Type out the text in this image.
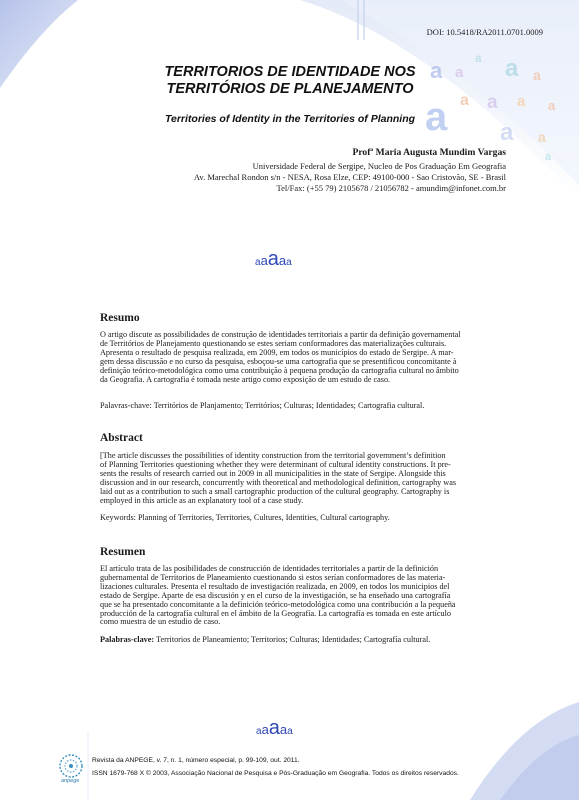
a a a a
a a a a
a a a
a
a
DOI: 10.5418/RA2011.0701.0009
TERRITORIOS DE IDENTIDADE NOS
TERRITÓRIOS DE PLANEJAMENTO
Territories of Identity in the Territories of Planning
Profª Maria Augusta Mundim Vargas
Universidade Federal de Sergipe, Nucleo de Pos Graduação Em Geografia
Av. Marechal Rondon s/n - NESA, Rosa Elze, CEP: 49100-000 - Sao Cristovão, SE - Brasil
Tel/Fax: (+55 79) 2105678 / 21056782 - amundim@infonet.com.br
a a a a a
Resumo
O artigo discute as possibilidades de construção de identidades territoriais a partir da definição governamental
de Territórios de Planejamento questionando se estes seriam conformadores das materializações culturais.
Apresenta o resultado de pesquisa realizada, em 2009, em todos os municípios do estado de Sergipe. A mar-
gem dessa discussão e no curso da pesquisa, esboçou-se uma cartografia que se presentificou concomitante à
definição teórico-metodológica como uma contribuição à pequena produção da cartografia cultural no âmbito
da Geografia. A cartografia é tomada neste artigo como exposição de um estudo de caso.

Palavras-chave: Territórios de Planjamento; Territórios; Culturas; Identidades; Cartografia cultural.

Abstract
[The article discusses the possibilities of identity construction from the territorial government’s definition
of Planning Territories questioning whether they were determinant of cultural identity constructions. It pre-
sents the results of research carried out in 2009 in all municipalities in the state of Sergipe. Alongside this
discussion and in our research, concurrently with theoretical and methodological definition, cartography was
laid out as a contribution to such a small cartographic production of the cultural geography. Cartography is
employed in this article as an explanatory tool of a case study.

Keywords: Planning of Territories, Territories, Cultures, Identities, Cultural cartography.

Resumen
El artículo trata de las posibilidades de construcción de identidades territoriales a partir de la definición
gubernamental de Territorios de Planeamiento cuestionando si estos serían conformadores de las materia-
lizaciones culturales. Presenta el resultado de investigación realizada, en 2009, en todos los municipios del
estado de Sergipe. Aparte de esa discusión y en el curso de la investigación, se ha enseñado una cartografía
que se ha presentado concomitante a la definición teórico-metodológica como una contribución a la pequeña
producción de la cartografía cultural en el ámbito de la Geografía. La cartografía es tomada en este artículo
como muestra de un estudio de caso.

Palabras-clave: Territorios de Planeamiento; Territorios; Culturas; Identidades; Cartografía cultural.

a a a a a
anpege
Revista da ANPEGE, v. 7, n. 1, número especial, p. 99-109, out. 2011.
ISSN 1679-768 X © 2003, Associação Nacional de Pesquisa e Pós-Graduação em Geografia. Todos os direitos reservados.
